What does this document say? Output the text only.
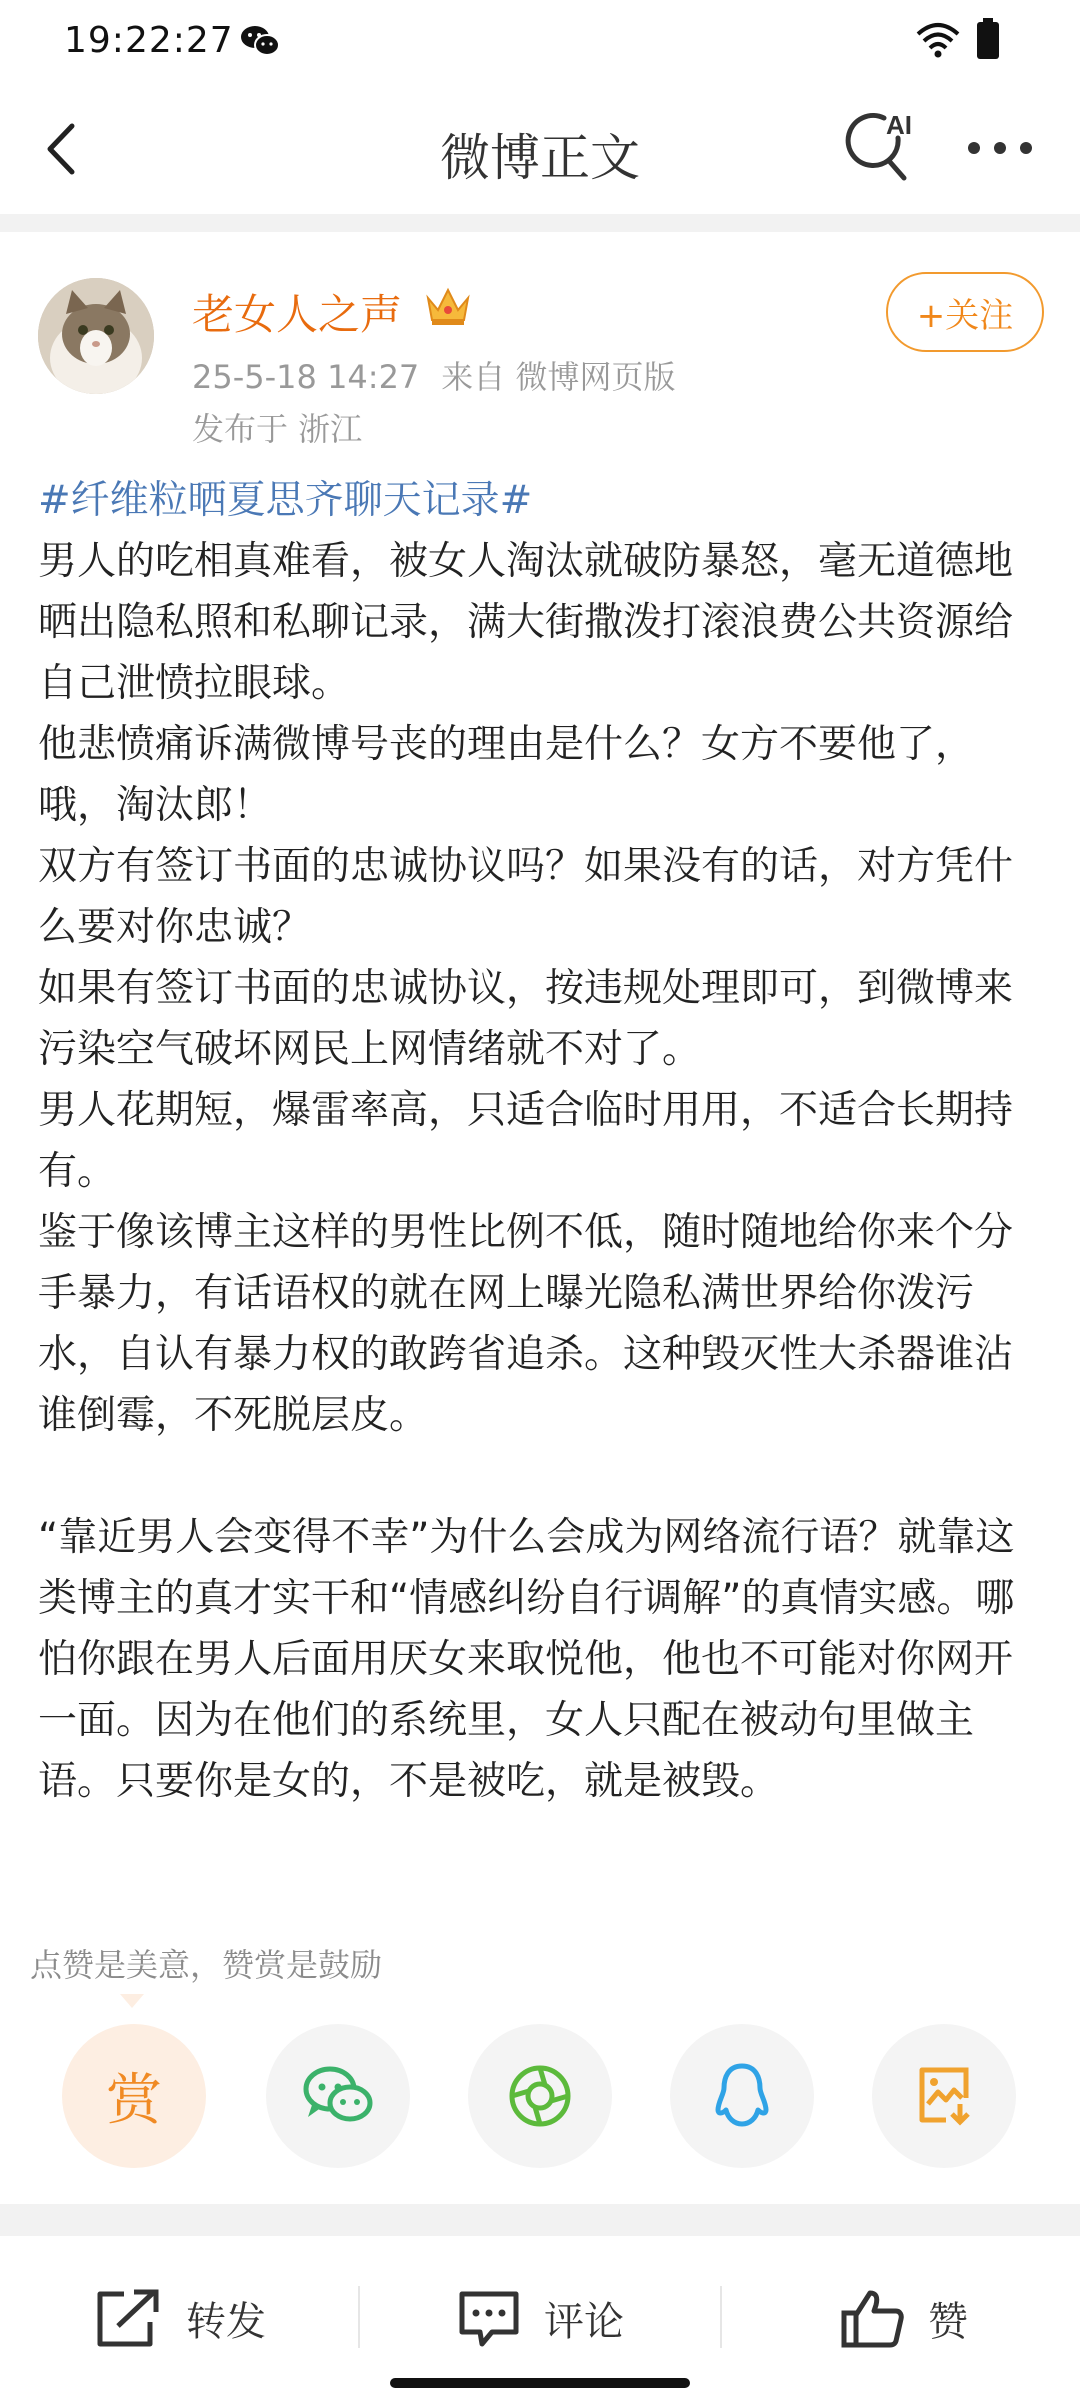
19:22:27
微博正文
AI
老女人之声	+关注
25-5-18 14:27 来自 微博网页版
发布于 浙江
#纤维粒晒夏思齐聊天记录#

男人的吃相真难看，被女人淘汰就破防暴怒，毫无道德地晒出隐私照和私聊记录，满大街撒泼打滚浪费公共资源给自己泄愤拉眼球。

他悲愤痛诉满微博号丧的理由是什么？女方不要他了，哦，淘汰郎！

双方有签订书面的忠诚协议吗？如果没有的话，对方凭什么要对你忠诚？

如果有签订书面的忠诚协议，按违规处理即可，到微博来污染空气破坏网民上网情绪就不对了。

男人花期短，爆雷率高，只适合临时用用，不适合长期持有。

鉴于像该博主这样的男性比例不低，随时随地给你来个分手暴力，有话语权的就在网上曝光隐私满世界给你泼污水，自认有暴力权的敢跨省追杀。这种毁灭性大杀器谁沾谁倒霉，不死脱层皮。

“靠近男人会变得不幸”为什么会成为网络流行语？就靠这类博主的真才实干和“情感纠纷自行调解”的真情实感。哪怕你跟在男人后面用厌女来取悦他，他也不可能对你网开一面。因为在他们的系统里，女人只配在被动句里做主语。只要你是女的，不是被吃，就是被毁。

点赞是美意，赞赏是鼓励
赏
转发	评论	赞
